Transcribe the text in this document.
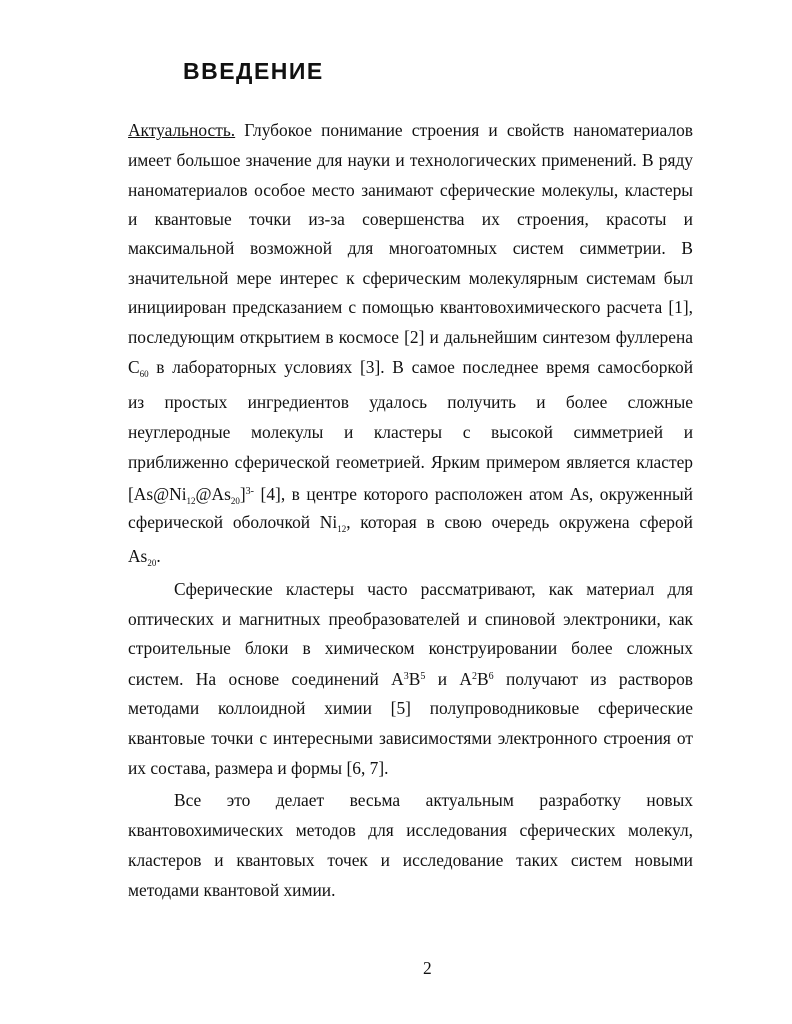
ВВЕДЕНИЕ
Актуальность. Глубокое понимание строения и свойств наноматериалов
имеет большое значение для науки и технологических применений. В ряду
наноматериалов особое место занимают сферические молекулы, кластеры
и квантовые точки из-за совершенства их строения, красоты и
максимальной возможной для многоатомных систем симметрии. В
значительной мере интерес к сферическим молекулярным системам был
инициирован предсказанием с помощью квантовохимического расчета [1],
последующим открытием в космосе [2] и дальнейшим синтезом фуллерена
$C_{60}$ в лабораторных условиях [3]. В самое последнее время самосборкой
из простых ингредиентов удалось получить и более сложные
неуглеродные молекулы и кластеры с высокой симметрией и
приближенно сферической геометрией. Ярким примером является кластер
$[As@Ni_{12}@As_{20}]^{3-}$ [4], в центре которого расположен атом As, окруженный
сферической оболочкой $Ni_{12}$, которая в свою очередь окружена сферой
$As_{20}$.
Сферические кластеры часто рассматривают, как материал для
оптических и магнитных преобразователей и спиновой электроники, как
строительные блоки в химическом конструировании более сложных
систем. На основе соединений $A^3B^5$ и $A^2B^6$ получают из растворов
методами коллоидной химии [5] полупроводниковые сферические
квантовые точки с интересными зависимостями электронного строения от
их состава, размера и формы [6, 7].
Все это делает весьма актуальным разработку новых
квантовохимических методов для исследования сферических молекул,
кластеров и квантовых точек и исследование таких систем новыми
методами квантовой химии.
2
